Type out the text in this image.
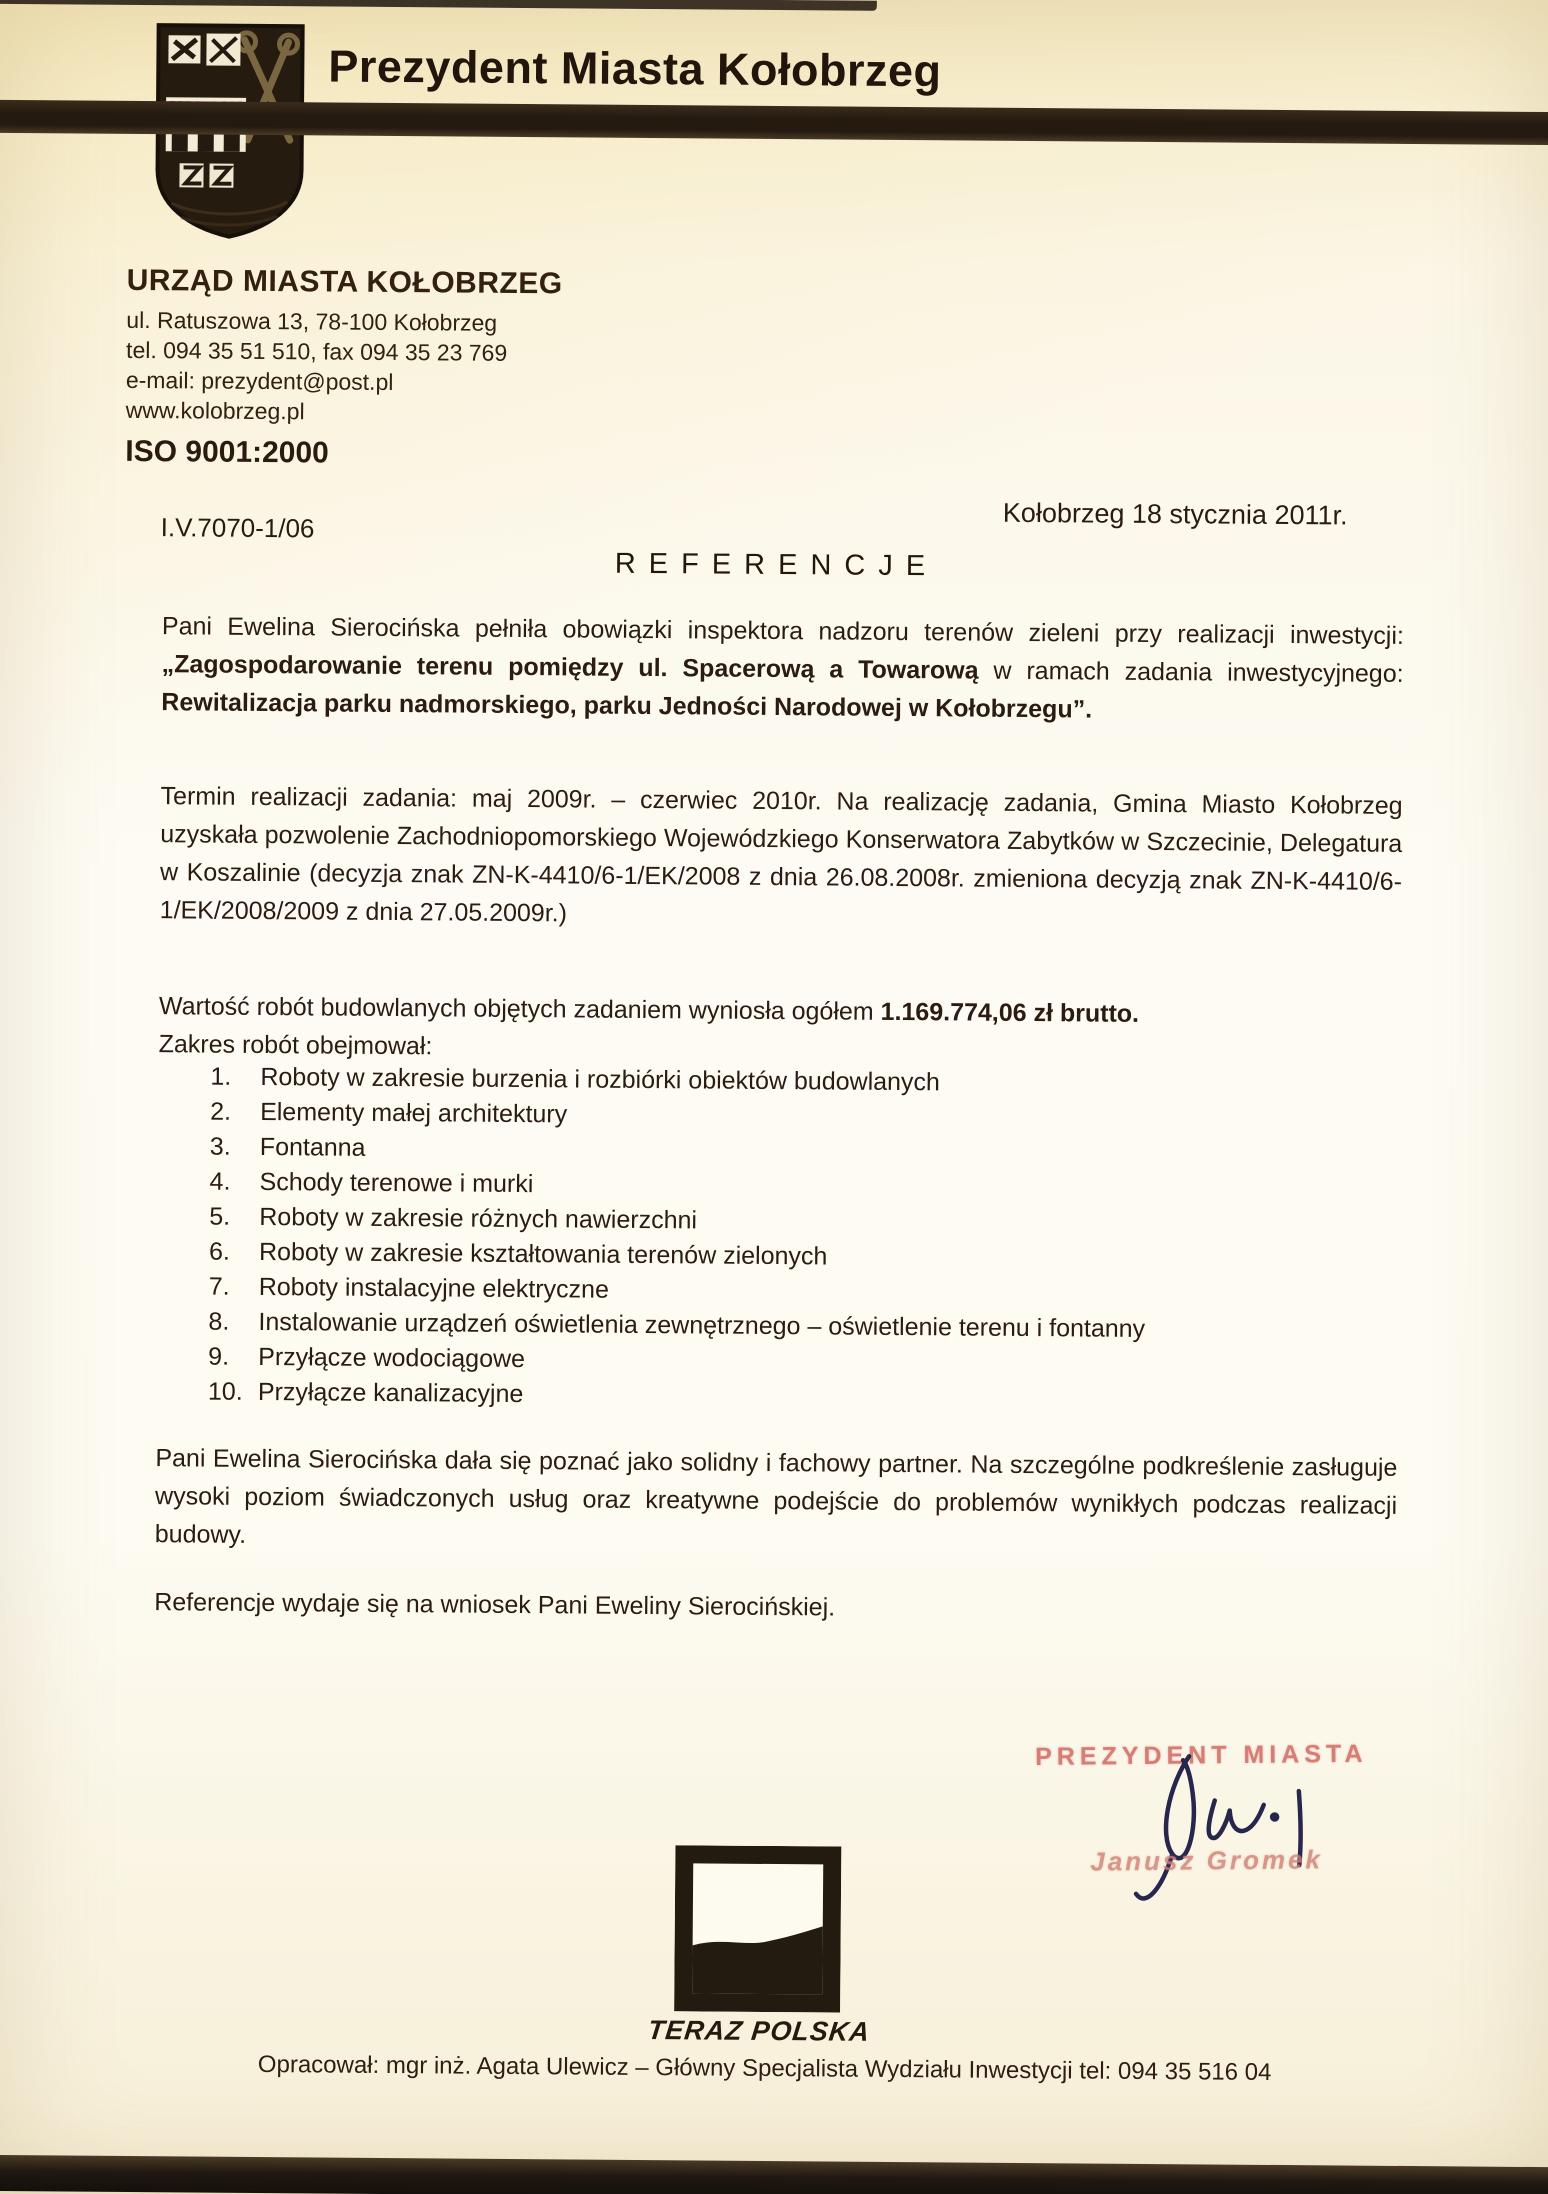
Prezydent Miasta Kołobrzeg
URZĄD MIASTA KOŁOBRZEG
ul. Ratuszowa 13, 78-100 Kołobrzeg
tel. 094 35 51 510, fax 094 35 23 769
e-mail: prezydent@post.pl
www.kolobrzeg.pl
ISO 9001:2000
I.V.7070-1/06	Kołobrzeg 18 stycznia 2011r.
REFERENCJE
Pani Ewelina Sierocińska pełniła obowiązki inspektora nadzoru terenów zieleni przy realizacji inwestycji: „Zagospodarowanie terenu pomiędzy ul. Spacerową a Towarową w ramach zadania inwestycyjnego: Rewitalizacja parku nadmorskiego, parku Jedności Narodowej w Kołobrzegu”.
Termin realizacji zadania: maj 2009r. – czerwiec 2010r. Na realizację zadania, Gmina Miasto Kołobrzeg uzyskała pozwolenie Zachodniopomorskiego Wojewódzkiego Konserwatora Zabytków w Szczecinie, Delegatura w Koszalinie (decyzja znak ZN-K-4410/6-1/EK/2008 z dnia 26.08.2008r. zmieniona decyzją znak ZN-K-4410/6-1/EK/2008/2009 z dnia 27.05.2009r.)
Wartość robót budowlanych objętych zadaniem wyniosła ogółem 1.169.774,06 zł brutto.
Zakres robót obejmował:
Roboty w zakresie burzenia i rozbiórki obiektów budowlanych
Elementy małej architektury
Fontanna
Schody terenowe i murki
Roboty w zakresie różnych nawierzchni
Roboty w zakresie kształtowania terenów zielonych
Roboty instalacyjne elektryczne
Instalowanie urządzeń oświetlenia zewnętrznego – oświetlenie terenu i fontanny
Przyłącze wodociągowe
Przyłącze kanalizacyjne
Pani Ewelina Sierocińska dała się poznać jako solidny i fachowy partner. Na szczególne podkreślenie zasługuje wysoki poziom świadczonych usług oraz kreatywne podejście do problemów wynikłych podczas realizacji budowy.
Referencje wydaje się na wniosek Pani Eweliny Sierocińskiej.
PREZYDENT MIASTA
Janusz Gromek
TERAZ POLSKA
Opracował: mgr inż. Agata Ulewicz – Główny Specjalista Wydziału Inwestycji tel: 094 35 516 04
